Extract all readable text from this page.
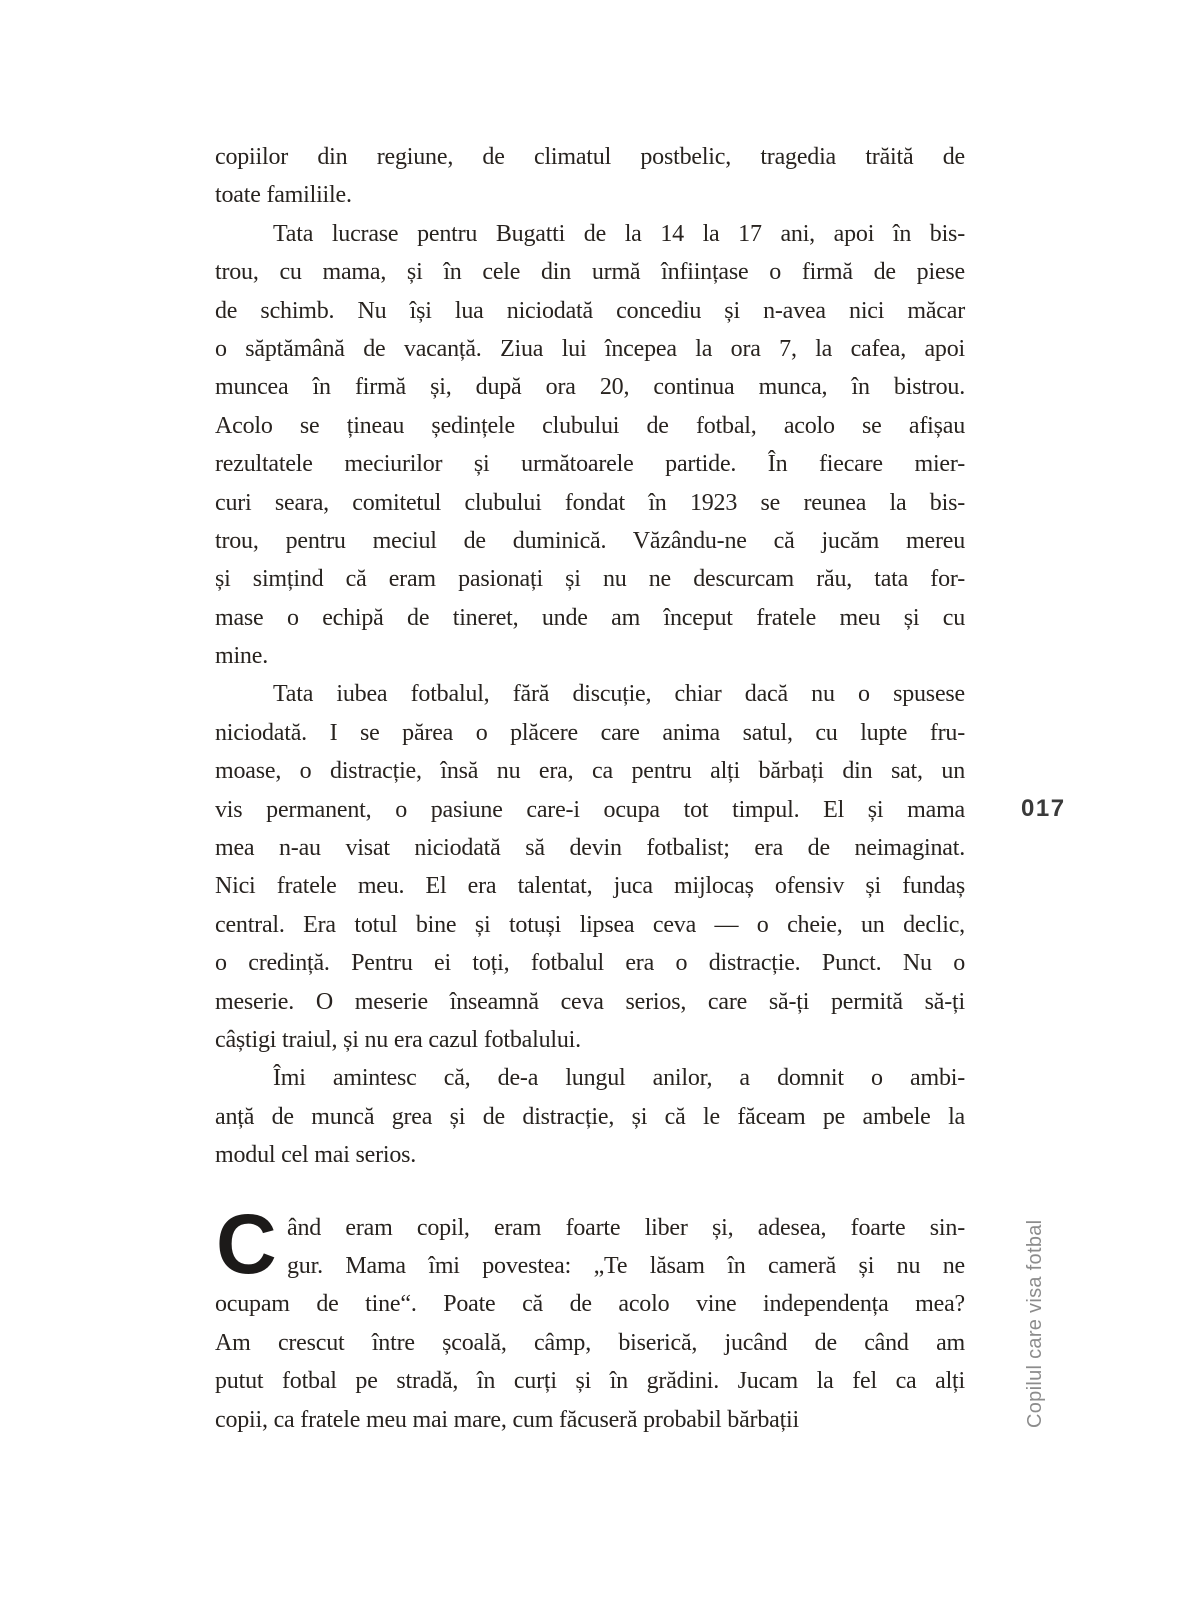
copiilor din regiune, de climatul postbelic, tragedia trăită de
toate familiile.

Tata lucrase pentru Bugatti de la 14 la 17 ani, apoi în bis-
trou, cu mama, și în cele din urmă înființase o firmă de piese
de schimb. Nu își lua niciodată concediu și n-avea nici măcar
o săptămână de vacanță. Ziua lui începea la ora 7, la cafea, apoi
muncea în firmă și, după ora 20, continua munca, în bistrou.
Acolo se țineau ședințele clubului de fotbal, acolo se afișau
rezultatele meciurilor și următoarele partide. În fiecare mier-
curi seara, comitetul clubului fondat în 1923 se reunea la bis-
trou, pentru meciul de duminică. Văzându-ne că jucăm mereu
și simțind că eram pasionați și nu ne descurcam rău, tata for-
mase o echipă de tineret, unde am început fratele meu și cu
mine.

Tata iubea fotbalul, fără discuție, chiar dacă nu o spusese
niciodată. I se părea o plăcere care anima satul, cu lupte fru-
moase, o distracție, însă nu era, ca pentru alți bărbați din sat, un
vis permanent, o pasiune care-i ocupa tot timpul. El și mama
mea n-au visat niciodată să devin fotbalist; era de neimaginat.
Nici fratele meu. El era talentat, juca mijlocaș ofensiv și fundaș
central. Era totul bine și totuși lipsea ceva — o cheie, un declic,
o credință. Pentru ei toți, fotbalul era o distracție. Punct. Nu o
meserie. O meserie înseamnă ceva serios, care să-ți permită să-ți
câștigi traiul, și nu era cazul fotbalului.

Îmi amintesc că, de-a lungul anilor, a domnit o ambi-
anță de muncă grea și de distracție, și că le făceam pe ambele la
modul cel mai serios.

C ând eram copil, eram foarte liber și, adesea, foarte sin-
gur. Mama îmi povestea: „Te lăsam în cameră și nu ne
ocupam de tine“. Poate că de acolo vine independența mea?
Am crescut între școală, câmp, biserică, jucând de când am
putut fotbal pe stradă, în curți și în grădini. Jucam la fel ca alți
copii, ca fratele meu mai mare, cum făcuseră probabil bărbații

017
Copilul care visa fotbal
